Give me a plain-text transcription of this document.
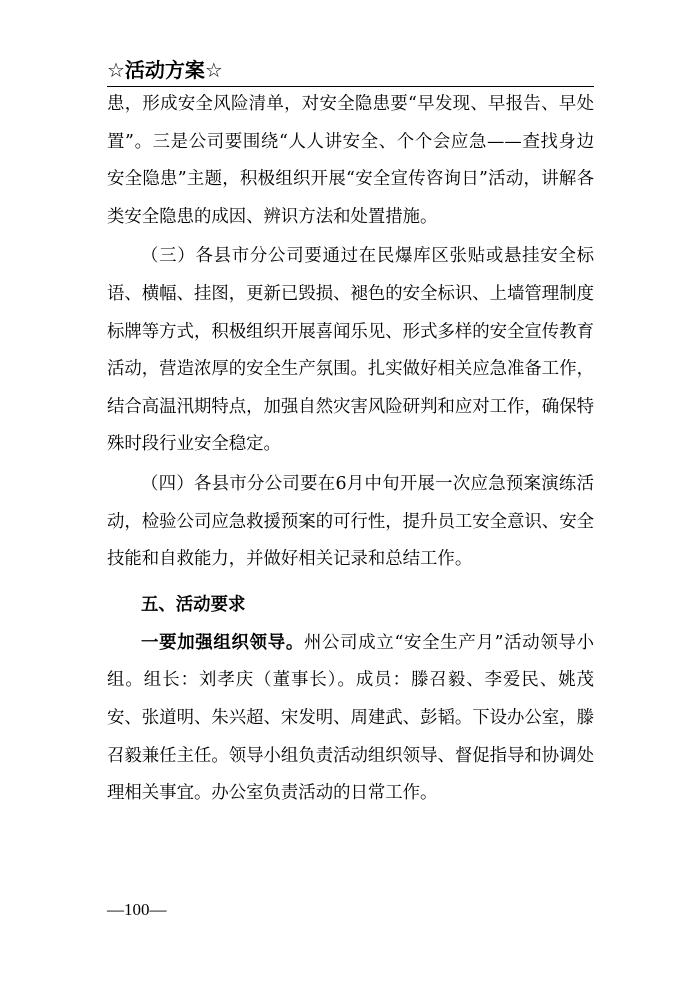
☆活动方案☆

患，形成安全风险清单，对安全隐患要“早发现、早报告、早处置”。三是公司要围绕“人人讲安全、个个会应急——查找身边安全隐患”主题，积极组织开展“安全宣传咨询日”活动，讲解各类安全隐患的成因、辨识方法和处置措施。

（三）各县市分公司要通过在民爆库区张贴或悬挂安全标语、横幅、挂图，更新已毁损、褪色的安全标识、上墙管理制度标牌等方式，积极组织开展喜闻乐见、形式多样的安全宣传教育活动，营造浓厚的安全生产氛围。扎实做好相关应急准备工作，结合高温汛期特点，加强自然灾害风险研判和应对工作，确保特殊时段行业安全稳定。

（四）各县市分公司要在6月中旬开展一次应急预案演练活动，检验公司应急救援预案的可行性，提升员工安全意识、安全技能和自救能力，并做好相关记录和总结工作。

五、活动要求

一要加强组织领导。州公司成立“安全生产月”活动领导小组。组长：刘孝庆（董事长）。成员：滕召毅、李爱民、姚茂安、张道明、朱兴超、宋发明、周建武、彭韬。下设办公室，滕召毅兼任主任。领导小组负责活动组织领导、督促指导和协调处理相关事宜。办公室负责活动的日常工作。

—100—
